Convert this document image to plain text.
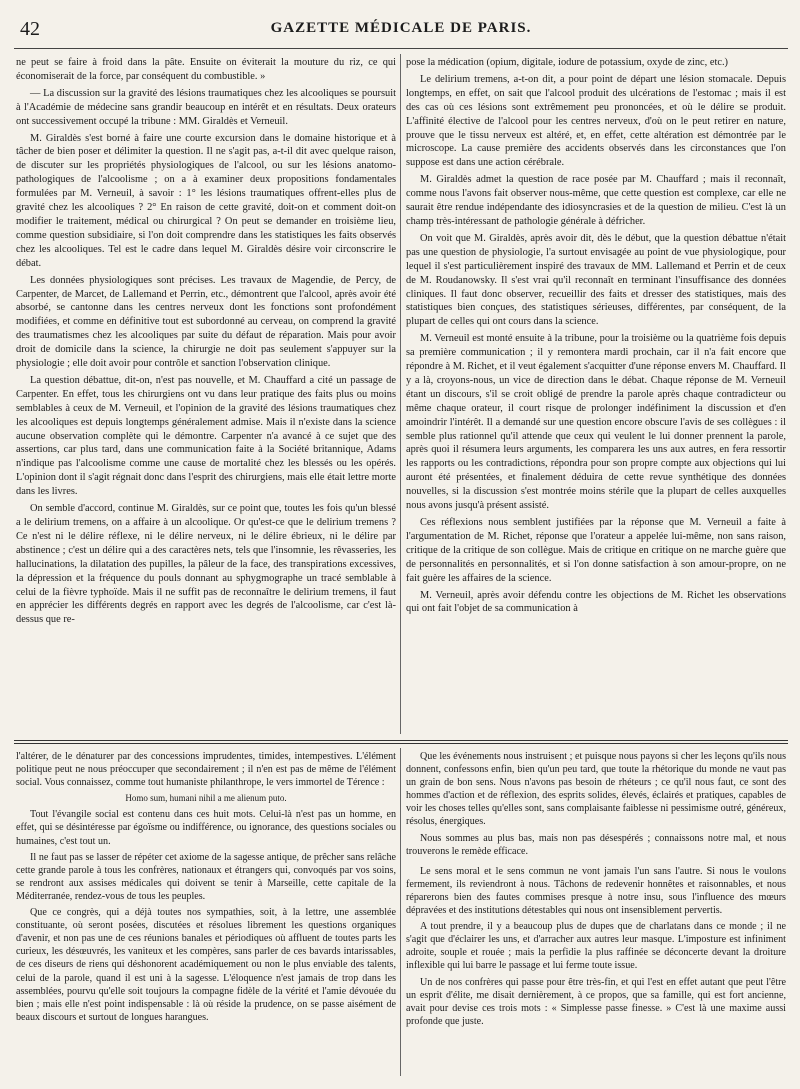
42	GAZETTE MÉDICALE DE PARIS.

ne peut se faire à froid dans la pâte. Ensuite on éviterait la mouture du riz, ce qui économiserait de la force, par conséquent du combustible. »

— La discussion sur la gravité des lésions traumatiques chez les alcooliques se poursuit à l'Académie de médecine sans grandir beaucoup en intérêt et en résultats. Deux orateurs ont successivement occupé la tribune : MM. Giraldès et Verneuil.

M. Giraldès s'est borné à faire une courte excursion dans le domaine historique et à tâcher de bien poser et délimiter la question. Il ne s'agit pas, a-t-il dit avec quelque raison, de discuter sur les propriétés physiologiques de l'alcool, ou sur les lésions anatomo-pathologiques de l'alcoolisme ; on a à examiner deux propositions fondamentales formulées par M. Verneuil, à savoir : 1° les lésions traumatiques offrent-elles plus de gravité chez les alcooliques ? 2° En raison de cette gravité, doit-on et comment doit-on modifier le traitement, médical ou chirurgical ? On peut se demander en troisième lieu, comme question subsidiaire, si l'on doit comprendre dans les statistiques les faits observés chez les alcooliques. Tel est le cadre dans lequel M. Giraldès désire voir circonscrire le débat.

Les données physiologiques sont précises. Les travaux de Magendie, de Percy, de Carpenter, de Marcet, de Lallemand et Perrin, etc., démontrent que l'alcool, après avoir été absorbé, se cantonne dans les centres nerveux dont les fonctions sont profondément modifiées, et comme en définitive tout est subordonné au cerveau, on comprend la gravité des traumatismes chez les alcooliques par suite du défaut de réparation. Mais pour avoir droit de domicile dans la science, la chirurgie ne doit pas seulement s'appuyer sur la physiologie ; elle doit avoir pour contrôle et sanction l'observation clinique.

La question débattue, dit-on, n'est pas nouvelle, et M. Chauffard a cité un passage de Carpenter. En effet, tous les chirurgiens ont vu dans leur pratique des faits plus ou moins semblables à ceux de M. Verneuil, et l'opinion de la gravité des lésions traumatiques chez les alcooliques est depuis longtemps généralement admise. Mais il n'existe dans la science aucune observation complète qui le démontre. Carpenter n'a avancé à ce sujet que des assertions, car plus tard, dans une communication faite à la Société britannique, Adams n'indique pas l'alcoolisme comme une cause de mortalité chez les blessés ou les opérés. L'opinion dont il s'agit régnait donc dans l'esprit des chirurgiens, mais elle était lettre morte dans les livres.

On semble d'accord, continue M. Giraldès, sur ce point que, toutes les fois qu'un blessé a le delirium tremens, on a affaire à un alcoolique. Or qu'est-ce que le delirium tremens ? Ce n'est ni le délire réflexe, ni le délire nerveux, ni le délire ébrieux, ni le délire par abstinence ; c'est un délire qui a des caractères nets, tels que l'insomnie, les rêvasseries, les hallucinations, la dilatation des pupilles, la pâleur de la face, des transpirations excessives, la dépression et la fréquence du pouls donnant au sphygmographe un tracé semblable à celui de la fièvre typhoïde. Mais il ne suffit pas de reconnaître le delirium tremens, il faut en apprécier les différents degrés en rapport avec les degrés de l'alcoolisme, car c'est là-dessus que re-

pose la médication (opium, digitale, iodure de potassium, oxyde de zinc, etc.)

Le delirium tremens, a-t-on dit, a pour point de départ une lésion stomacale. Depuis longtemps, en effet, on sait que l'alcool produit des ulcérations de l'estomac ; mais il est des cas où ces lésions sont extrêmement peu prononcées, et où le délire se produit. L'affinité élective de l'alcool pour les centres nerveux, d'où on le peut retirer en nature, prouve que le tissu nerveux est altéré, et, en effet, cette altération est démontrée par le microscope. La cause première des accidents observés dans les circonstances que l'on suppose est dans une action cérébrale.

M. Giraldès admet la question de race posée par M. Chauffard ; mais il reconnaît, comme nous l'avons fait observer nous-même, que cette question est complexe, car elle ne saurait être rendue indépendante des idiosyncrasies et de la question de milieu. C'est là un champ très-intéressant de pathologie générale à défricher.

On voit que M. Giraldès, après avoir dit, dès le début, que la question débattue n'était pas une question de physiologie, l'a surtout envisagée au point de vue physiologique, pour lequel il s'est particulièrement inspiré des travaux de MM. Lallemand et Perrin et de ceux de M. Roudanowsky. Il s'est vrai qu'il reconnaît en terminant l'insuffisance des données cliniques. Il faut donc observer, recueillir des faits et dresser des statistiques, mais des statistiques bien conçues, des statistiques sérieuses, différentes, par conséquent, de la plupart de celles qui ont cours dans la science.

M. Verneuil est monté ensuite à la tribune, pour la troisième ou la quatrième fois depuis sa première communication ; il y remontera mardi prochain, car il n'a fait encore que répondre à M. Richet, et il veut également s'acquitter d'une réponse envers M. Chauffard. Il y a là, croyons-nous, un vice de direction dans le débat. Chaque réponse de M. Verneuil étant un discours, s'il se croit obligé de prendre la parole après chaque contradicteur ou même chaque orateur, il court risque de prolonger indéfiniment la discussion et d'en amoindrir l'intérêt. Il a demandé sur une question encore obscure l'avis de ses collègues : il semble plus rationnel qu'il attende que ceux qui veulent le lui donner prennent la parole, après quoi il résumera leurs arguments, les comparera les uns aux autres, en fera ressortir les rapports ou les contradictions, répondra pour son propre compte aux objections qui lui auront été présentées, et finalement déduira de cette revue synthétique des données nouvelles, si la discussion s'est montrée moins stérile que la plupart de celles auxquelles nous avons jusqu'à présent assisté.

Ces réflexions nous semblent justifiées par la réponse que M. Verneuil a faite à l'argumentation de M. Richet, réponse que l'orateur a appelée lui-même, non sans raison, critique de la critique de son collègue. Mais de critique en critique on ne marche guère que de personnalités en personnalités, et si l'on donne satisfaction à son amour-propre, on ne fait guère les affaires de la science.

M. Verneuil, après avoir défendu contre les objections de M. Richet les observations qui ont fait l'objet de sa communication à

l'altérer, de le dénaturer par des concessions imprudentes, timides, intempestives. L'élément politique peut ne nous préoccuper que secondairement ; il n'en est pas de même de l'élément social. Vous connaissez, comme tout humaniste philanthrope, le vers immortel de Térence :

Homo sum, humani nihil a me alienum puto.

Tout l'évangile social est contenu dans ces huit mots. Celui-là n'est pas un homme, en effet, qui se désintéresse par égoïsme ou indifférence, ou ignorance, des questions sociales ou humaines, c'est tout un.

Il ne faut pas se lasser de répéter cet axiome de la sagesse antique, de prêcher sans relâche cette grande parole à tous les confrères, nationaux et étrangers qui, convoqués par vos soins, se rendront aux assises médicales qui doivent se tenir à Marseille, cette capitale de la Méditerranée, rendez-vous de tous les peuples.

Que ce congrès, qui a déjà toutes nos sympathies, soit, à la lettre, une assemblée constituante, où seront posées, discutées et résolues librement les questions organiques d'avenir, et non pas une de ces réunions banales et périodiques où affluent de toutes parts les curieux, les désœuvrés, les vaniteux et les compères, sans parler de ces bavards intarissables, de ces diseurs de riens qui déshonorent académiquement ou non le plus enviable des talents, celui de la parole, quand il est uni à la sagesse. L'éloquence n'est jamais de trop dans les assemblées, pourvu qu'elle soit toujours la compagne fidèle de la vérité et l'amie dévouée du bien ; mais elle n'est point indispensable : là où réside la prudence, on se passe aisément de beaux discours et surtout de longues harangues.

Que les événements nous instruisent ; et puisque nous payons si cher les leçons qu'ils nous donnent, confessons enfin, bien qu'un peu tard, que toute la rhétorique du monde ne vaut pas un grain de bon sens. Nous n'avons pas besoin de rhéteurs ; ce qu'il nous faut, ce sont des hommes d'action et de réflexion, des esprits solides, élevés, éclairés et pratiques, capables de voir les choses telles qu'elles sont, sans complaisante faiblesse ni pessimisme outré, généreux, résolus, énergiques.

Nous sommes au plus bas, mais non pas désespérés ; connaissons notre mal, et nous trouverons le remède efficace.

Le sens moral et le sens commun ne vont jamais l'un sans l'autre. Si nous le voulons fermement, ils reviendront à nous. Tâchons de redevenir honnêtes et raisonnables, et nous réparerons bien des fautes commises presque à notre insu, sous l'influence des mœurs dépravées et des institutions détestables qui nous ont insensiblement pervertis.

A tout prendre, il y a beaucoup plus de dupes que de charlatans dans ce monde ; il ne s'agit que d'éclairer les uns, et d'arracher aux autres leur masque. L'imposture est infiniment adroite, souple et rouée ; mais la perfidie la plus raffinée se déconcerte devant la droiture inflexible qui lui barre le passage et lui ferme toute issue.

Un de nos confrères qui passe pour être très-fin, et qui l'est en effet autant que peut l'être un esprit d'élite, me disait dernièrement, à ce propos, que sa famille, qui est fort ancienne, avait pour devise ces trois mots : « Simplesse passe finesse. » C'est là une maxime aussi profonde que juste.
